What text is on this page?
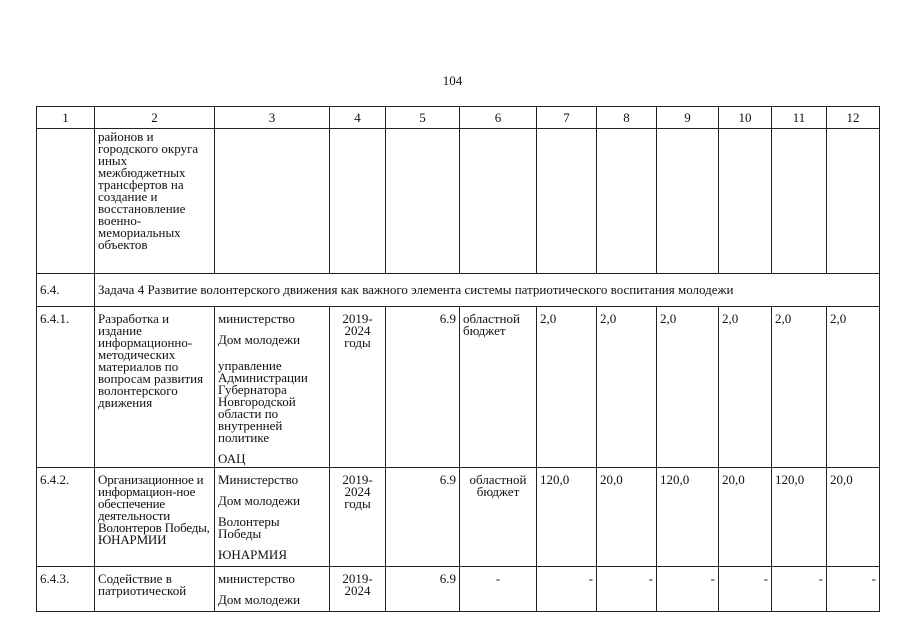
104
1	2	3	4	5	6	7	8	9	10	11	12
	районов и городского округа иных межбюджетных трансфертов на создание и восстановление военно-мемориальных объектов										
6.4.	Задача 4 Развитие волонтерского движения как важного элемента системы патриотического воспитания молодежи										
6.4.1.	Разработка и издание информационно-методических материалов по вопросам развития волонтерского движения	министерство
Дом молодежи
управление Администрации Губернатора Новгородской области по внутренней политике
ОАЦ	2019-2024 годы	6.9	областной бюджет	2,0	2,0	2,0	2,0	2,0	2,0
6.4.2.	Организационное и информацион-ное обеспечение деятельности Волонтеров Победы, ЮНАРМИИ	Министерство
Дом молодежи
Волонтеры Победы
ЮНАРМИЯ	2019-2024 годы	6.9	областной бюджет	120,0	20,0	120,0	20,0	120,0	20,0
6.4.3.	Содействие в патриотической	министерство
Дом молодежи	2019-2024	6.9	-	-	-	-	-	-	-
